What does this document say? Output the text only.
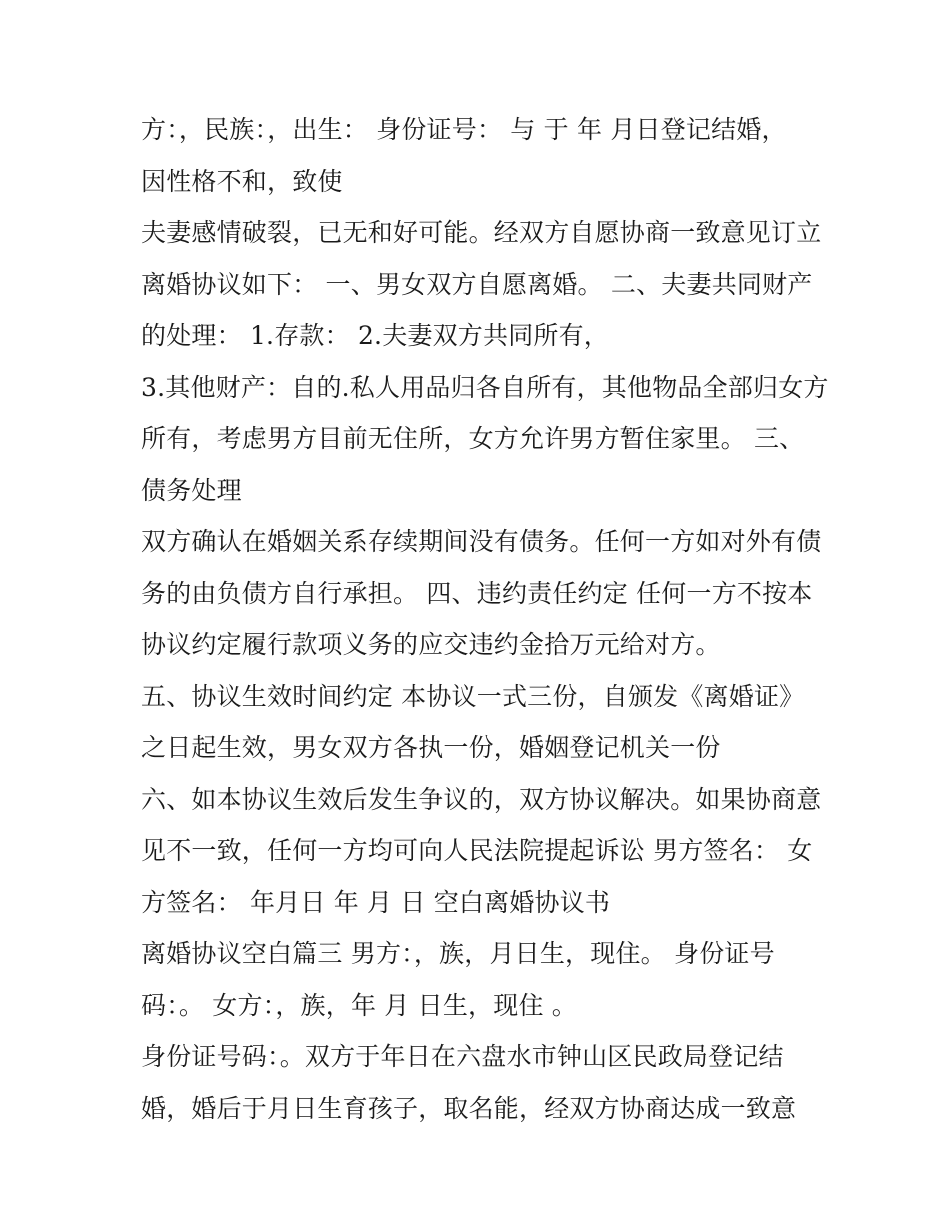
方：，民族：，出生： 身份证号： 与 于 年 月日登记结婚，
因性格不和，致使
夫妻感情破裂，已无和好可能。经双方自愿协商一致意见订立
离婚协议如下： 一、男女双方自愿离婚。 二、夫妻共同财产
的处理： 1.存款： 2.夫妻双方共同所有，
3.其他财产：自的.私人用品归各自所有，其他物品全部归女方
所有，考虑男方目前无住所，女方允许男方暂住家里。 三、
债务处理
双方确认在婚姻关系存续期间没有债务。任何一方如对外有债
务的由负债方自行承担。 四、违约责任约定 任何一方不按本
协议约定履行款项义务的应交违约金拾万元给对方。
五、协议生效时间约定 本协议一式三份，自颁发《离婚证》
之日起生效，男女双方各执一份，婚姻登记机关一份
六、如本协议生效后发生争议的，双方协议解决。如果协商意
见不一致，任何一方均可向人民法院提起诉讼 男方签名： 女
方签名： 年月日 年 月 日 空白离婚协议书
离婚协议空白篇三 男方：，族，月日生，现住。 身份证号
码：。 女方：，族，年 月 日生，现住 。
身份证号码：。双方于年日在六盘水市钟山区民政局登记结
婚，婚后于月日生育孩子，取名能，经双方协商达成一致意
